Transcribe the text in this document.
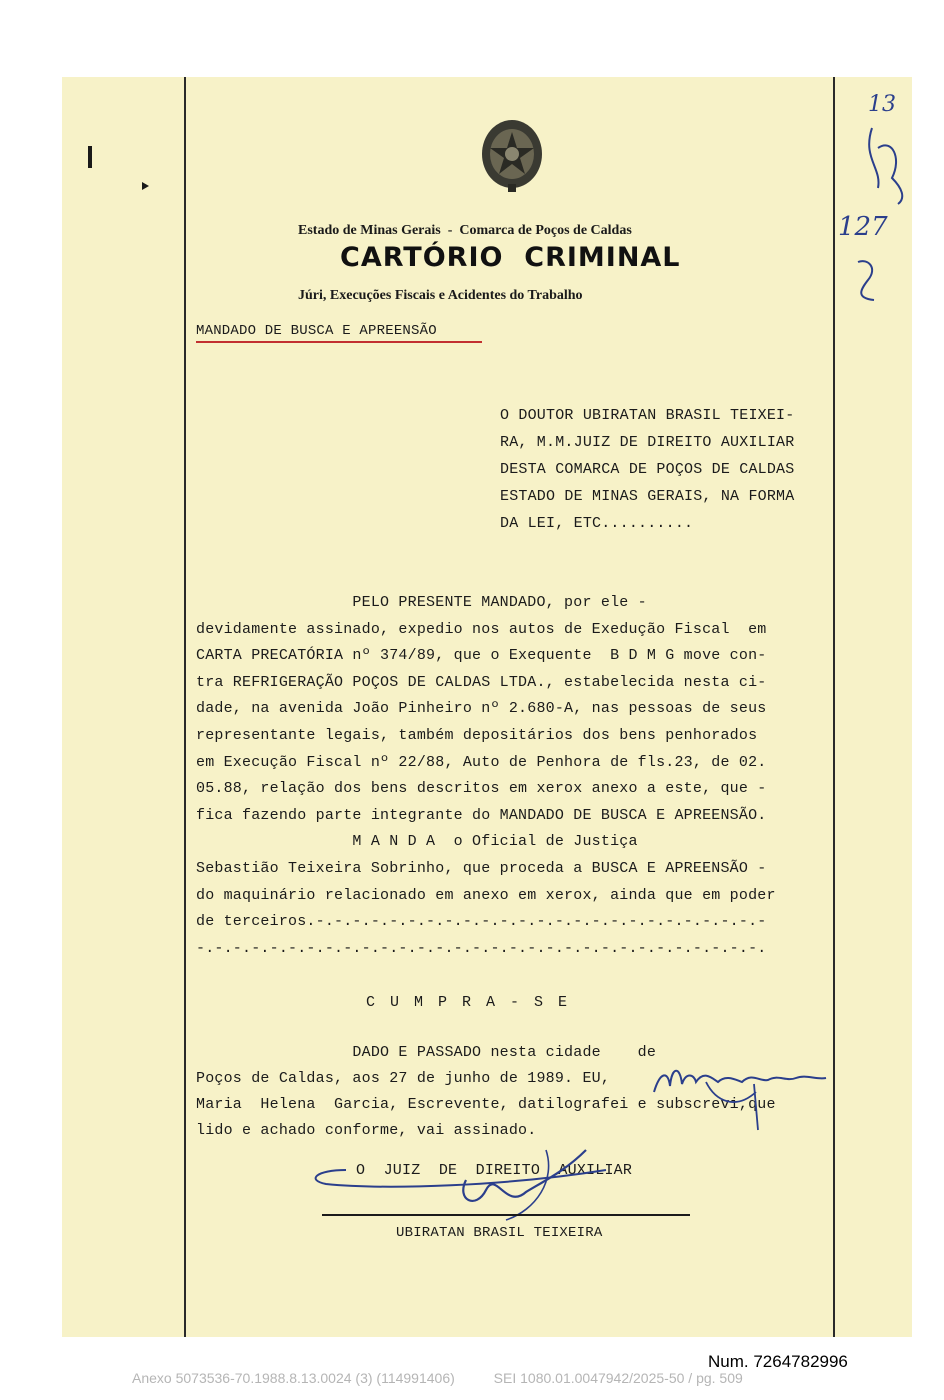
Estado de Minas Gerais  -  Comarca de Poços de Caldas
CARTÓRIO  CRIMINAL
Júri, Execuções Fiscais e Acidentes do Trabalho
MANDADO DE BUSCA E APREENSÃO
O DOUTOR UBIRATAN BRASIL TEIXEI-
RA, M.M.JUIZ DE DIREITO AUXILIAR
DESTA COMARCA DE POÇOS DE CALDAS
ESTADO DE MINAS GERAIS, NA FORMA
DA LEI, ETC..........
PELO PRESENTE MANDADO, por ele -
devidamente assinado, expedio nos autos de Exedução Fiscal  em
CARTA PRECATÓRIA nº 374/89, que o Exequente  B D M G move con-
tra REFRIGERAÇÃO POÇOS DE CALDAS LTDA., estabelecida nesta ci-
dade, na avenida João Pinheiro nº 2.680-A, nas pessoas de seus
representante legais, também depositários dos bens penhorados
em Execução Fiscal nº 22/88, Auto de Penhora de fls.23, de 02.
05.88, relação dos bens descritos em xerox anexo a este, que -
fica fazendo parte integrante do MANDADO DE BUSCA E APREENSÃO.
M A N D A  o Oficial de Justiça
Sebastião Teixeira Sobrinho, que proceda a BUSCA E APREENSÃO -
do maquinário relacionado em anexo em xerox, ainda que em poder
de terceiros.-.-.-.-.-.-.-.-.-.-.-.-.-.-.-.-.-.-.-.-.-.-.-.-.-
-.-.-.-.-.-.-.-.-.-.-.-.-.-.-.-.-.-.-.-.-.-.-.-.-.-.-.-.-.-.-.
C U M P R A - S E
DADO E PASSADO nesta cidade    de
Poços de Caldas, aos 27 de junho de 1989. EU,
Maria  Helena  Garcia, Escrevente, datilografei e subscrevi,que
lido e achado conforme, vai assinado.
O  JUIZ  DE  DIREITO  AUXILIAR
UBIRATAN BRASIL TEIXEIRA
13
127
Num. 7264782996
Anexo 5073536-70.1988.8.13.0024 (3) (114991406)          SEI 1080.01.0047942/2025-50 / pg. 509
